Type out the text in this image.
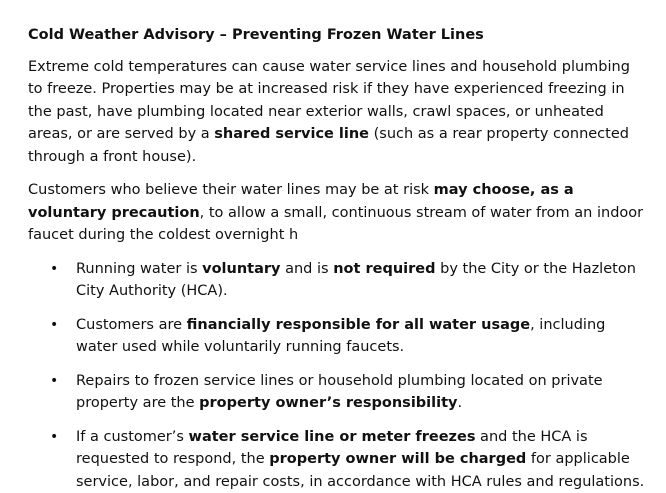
Cold Weather Advisory – Preventing Frozen Water Lines

Extreme cold temperatures can cause water service lines and household plumbing to freeze. Properties may be at increased risk if they have experienced freezing in the past, have plumbing located near exterior walls, crawl spaces, or unheated areas, or are served by a shared service line (such as a rear property connected through a front house).

Customers who believe their water lines may be at risk may choose, as a voluntary precaution, to allow a small, continuous stream of water from an indoor faucet during the coldest overnight h

• Running water is voluntary and is not required by the City or the Hazleton City Authority (HCA).
• Customers are financially responsible for all water usage, including water used while voluntarily running faucets.
• Repairs to frozen service lines or household plumbing located on private property are the property owner’s responsibility.
• If a customer’s water service line or meter freezes and the HCA is requested to respond, the property owner will be charged for applicable service, labor, and repair costs, in accordance with HCA rules and regulations.
